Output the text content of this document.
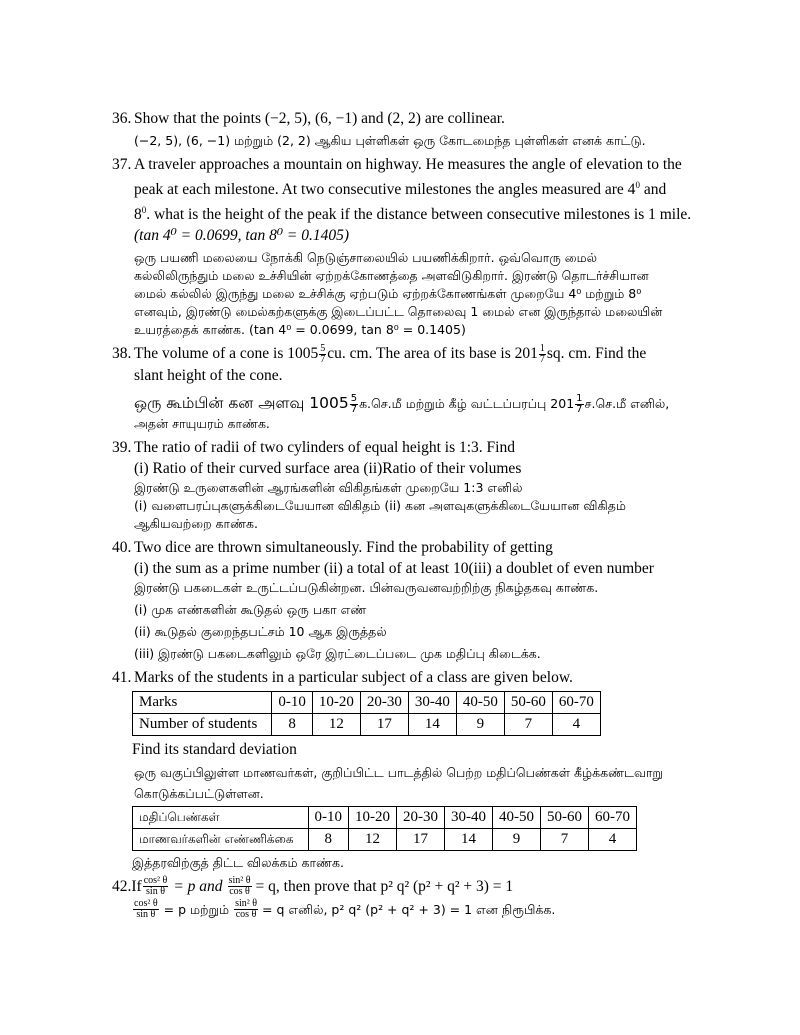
36. Show that the points (−2, 5), (6, −1) and (2, 2) are collinear.
(−2, 5), (6, −1) மற்றும் (2, 2) ஆகிய புள்ளிகள் ஒரு கோடமைந்த புள்ளிகள் எனக் காட்டு.
37. A traveler approaches a mountain on highway. He measures the angle of elevation to the
peak at each milestone. At two consecutive milestones the angles measured are $4^0$ and
$8^0$. what is the height of the peak if the distance between consecutive milestones is 1 mile.
(tan 4⁰ = 0.0699, tan 8⁰ = 0.1405)
ஒரு பயணி மலையை நோக்கி நெடுஞ்சாலையில் பயணிக்கிறார். ஒவ்வொரு மைல்
கல்லிலிருந்தும் மலை உச்சியின் ஏற்றக்கோணத்தை அளவிடுகிறார். இரண்டு தொடர்ச்சியான
மைல் கல்லில் இருந்து மலை உச்சிக்கு ஏற்படும் ஏற்றக்கோணங்கள் முறையே 4⁰ மற்றும் 8⁰
எனவும், இரண்டு மைல்கற்களுக்கு இடைப்பட்ட தொலைவு 1 மைல் என இருந்தால் மலையின்
உயரத்தைக் காண்க. (tan 4⁰ = 0.0699, tan 8⁰ = 0.1405)
38. The volume of a cone is $1005 \frac{5}{7}$ cu. cm. The area of its base is $201 \frac{1}{7}$ sq. cm. Find the
slant height of the cone.
ஒரு கூம்பின் கன அளவு $1005 \frac{5}{7}$ க.செ.மீ மற்றும் கீழ் வட்டப்பரப்பு $201 \frac{1}{7}$ ச.செ.மீ எனில்,
அதன் சாயுயரம் காண்க.
39. The ratio of radii of two cylinders of equal height is 1:3. Find
(i) Ratio of their curved surface area (ii)Ratio of their volumes
இரண்டு உருளைகளின் ஆரங்களின் விகிதங்கள் முறையே 1:3 எனில்
(i) வளைபரப்புகளுக்கிடையேயான விகிதம் (ii) கன அளவுகளுக்கிடையேயான விகிதம்
ஆகியவற்றை காண்க.
40. Two dice are thrown simultaneously. Find the probability of getting
(i) the sum as a prime number (ii) a total of at least 10(iii) a doublet of even number
இரண்டு பகடைகள் உருட்டப்படுகின்றன. பின்வருவனவற்றிற்கு நிகழ்தகவு காண்க.
(i) முக எண்களின் கூடுதல் ஒரு பகா எண்
(ii) கூடுதல் குறைந்தபட்சம் 10 ஆக இருத்தல்
(iii) இரண்டு பகடைகளிலும் ஒரே இரட்டைப்படை முக மதிப்பு கிடைக்க.
41. Marks of the students in a particular subject of a class are given below.
Marks	0-10	10-20	20-30	30-40	40-50	50-60	60-70
Number of students	8	12	17	14	9	7	4
Find its standard deviation
ஒரு வகுப்பிலுள்ள மாணவர்கள், குறிப்பிட்ட பாடத்தில் பெற்ற மதிப்பெண்கள் கீழ்க்கண்டவாறு
கொடுக்கப்பட்டுள்ளன.
மதிப்பெண்கள்	0-10	10-20	20-30	30-40	40-50	50-60	60-70
மாணவர்களின் எண்ணிக்கை	8	12	17	14	9	7	4
இத்தரவிற்குத் திட்ட விலக்கம் காண்க.
42. If $\frac{\text{cos² θ}}{\text{sin θ}} = p$ and $\frac{\text{sin² θ}}{\text{cos θ}} = q$, then prove that p² q² (p² + q² + 3) = 1
$\frac{\text{cos² θ}}{\text{sin θ}} = p$ மற்றும் $\frac{\text{sin² θ}}{\text{cos θ}} = q$ எனில், p² q² (p² + q² + 3) = 1 என நிரூபிக்க.
